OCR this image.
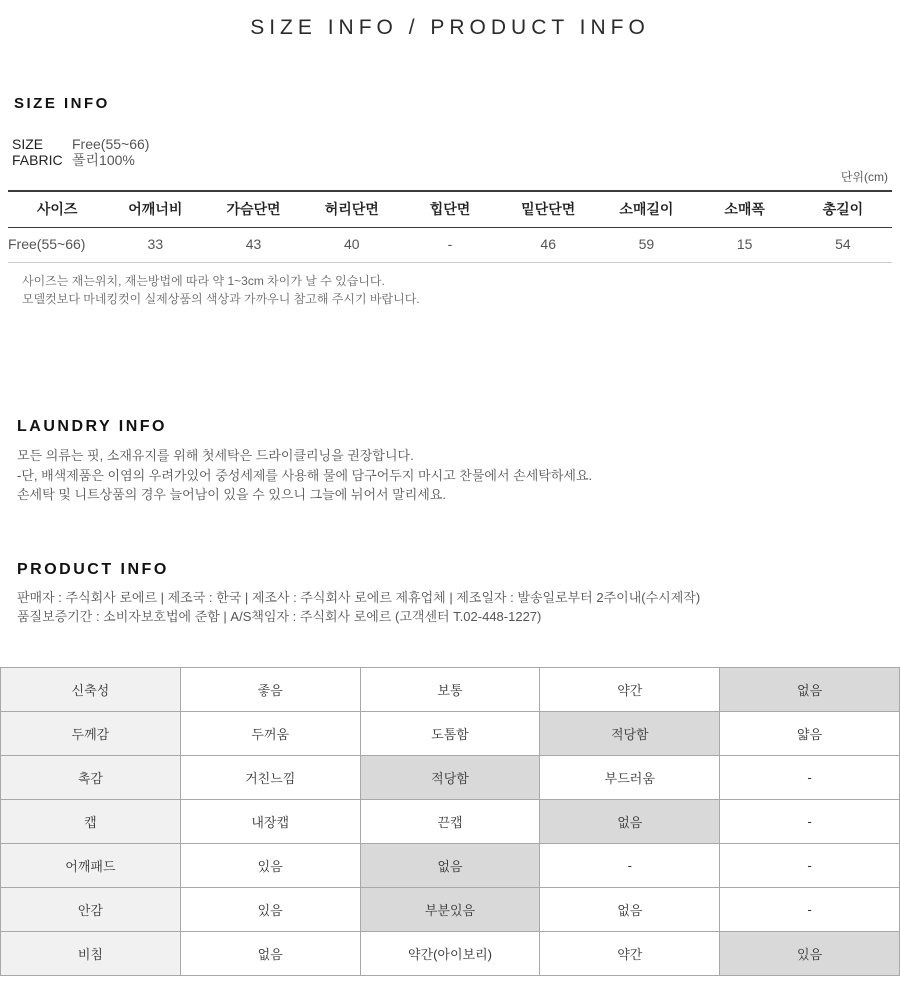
SIZE INFO / PRODUCT INFO
SIZE INFO
SIZE	Free(55~66)
FABRIC 폴리100%
단위(cm)
사이즈	어깨너비	가슴단면	허리단면	힙단면	밑단단면	소매길이	소매폭	총길이
Free(55~66)	33	43	40	-	46	59	15	54
사이즈는 재는위치, 재는방법에 따라 약 1~3cm 차이가 날 수 있습니다.
모델컷보다 마네킹컷이 실제상품의 색상과 가까우니 참고해 주시기 바랍니다.
LAUNDRY INFO
모든 의류는 핏, 소재유지를 위해 첫세탁은 드라이클리닝을 권장합니다.
-단, 배색제품은 이염의 우려가있어 중성세제를 사용해 물에 담구어두지 마시고 찬물에서 손세탁하세요.
손세탁 및 니트상품의 경우 늘어남이 있을 수 있으니 그늘에 뉘어서 말리세요.
PRODUCT INFO
판매자 : 주식회사 로에르 | 제조국 : 한국 | 제조사 : 주식회사 로에르 제휴업체 | 제조일자 : 발송일로부터 2주이내(수시제작)
품질보증기간 : 소비자보호법에 준함 | A/S책임자 : 주식회사 로에르 (고객센터 T.02-448-1227)
신축성	좋음	보통	약간	없음
두께감	두꺼움	도톰함	적당함	얇음
촉감	거친느낌	적당함	부드러움	-
캡	내장캡	끈캡	없음	-
어깨패드	있음	없음	-	-
안감	있음	부분있음	없음	-
비침	없음	약간(아이보리)	약간	있음
